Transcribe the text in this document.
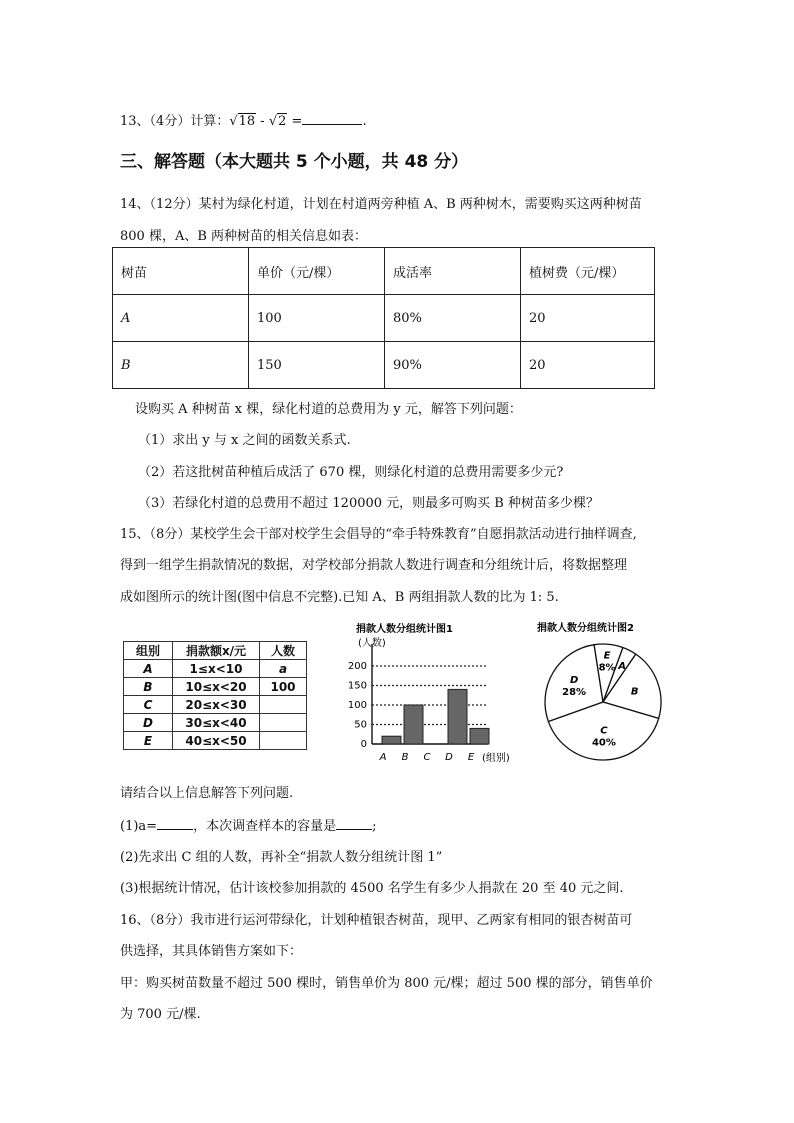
13、（4分）计算：√18 - √2 =	.
三、解答题（本大题共 5 个小题，共 48 分）
14、（12分）某村为绿化村道，计划在村道两旁种植 A、B 两种树木，需要购买这两种树苗
800 棵，A、B 两种树苗的相关信息如表：
树苗	单价（元/棵）	成活率	植树费（元/棵）
A	100	80%	20
B	150	90%	20
设购买 A 种树苗 x 棵，绿化村道的总费用为 y 元，解答下列问题：
（1）求出 y 与 x 之间的函数关系式.
（2）若这批树苗种植后成活了 670 棵，则绿化村道的总费用需要多少元?
（3）若绿化村道的总费用不超过 120000 元，则最多可购买 B 种树苗多少棵？
15、（8分）某校学生会干部对校学生会倡导的“牵手特殊教育”自愿捐款活动进行抽样调查,
得到一组学生捐款情况的数据，对学校部分捐款人数进行调查和分组统计后，将数据整理
成如图所示的统计图(图中信息不完整).已知 A、B 两组捐款人数的比为 1: 5.
组别	捐款额x/元	人数
A	1≤x<10	a
B	10≤x<20	100
C	20≤x<30	
D	30≤x<40	
E	40≤x<50	
捐款人数分组统计图1
(人数)
0
50
100
150
200
A B C D E (组别)
捐款人数分组统计图2
A
B
C
40%
D
28%
E
8%
请结合以上信息解答下列问题.
(1)a=	，本次调查样本的容量是	;
(2)先求出 C 组的人数，再补全“捐款人数分组统计图 1”
(3)根据统计情况，估计该校参加捐款的 4500 名学生有多少人捐款在 20 至 40 元之间.
16、（8分）我市进行运河带绿化，计划种植银杏树苗，现甲、乙两家有相同的银杏树苗可
供选择，其具体销售方案如下：
甲：购买树苗数量不超过 500 棵时，销售单价为 800 元/棵；超过 500 棵的部分，销售单价
为 700 元/棵.
